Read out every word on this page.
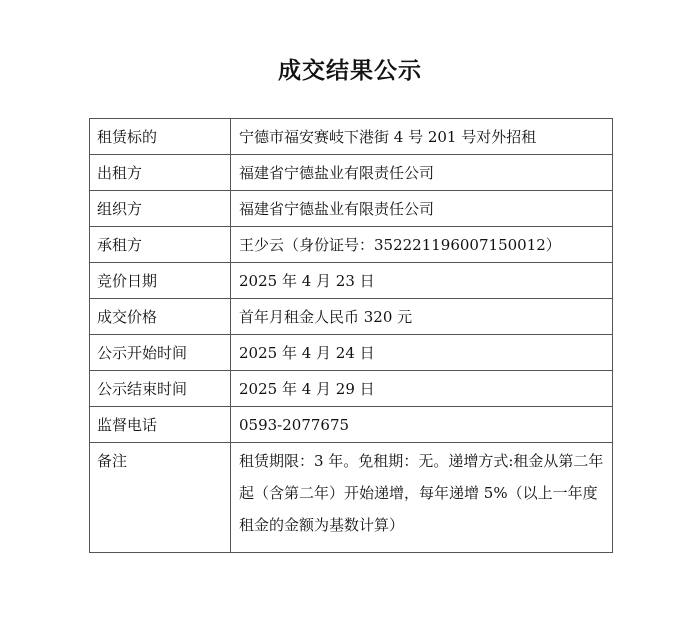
成交结果公示
租赁标的	宁德市福安赛岐下港街 4 号 201 号对外招租
出租方	福建省宁德盐业有限责任公司
组织方	福建省宁德盐业有限责任公司
承租方	王少云（身份证号：352221196007150012）
竞价日期	2025 年 4 月 23 日
成交价格	首年月租金人民币 320 元
公示开始时间	2025 年 4 月 24 日
公示结束时间	2025 年 4 月 29 日
监督电话	0593-2077675
备注	租赁期限：3 年。免租期：无。递增方式:租金从第二年起（含第二年）开始递增，每年递增 5%（以上一年度租金的金额为基数计算）
